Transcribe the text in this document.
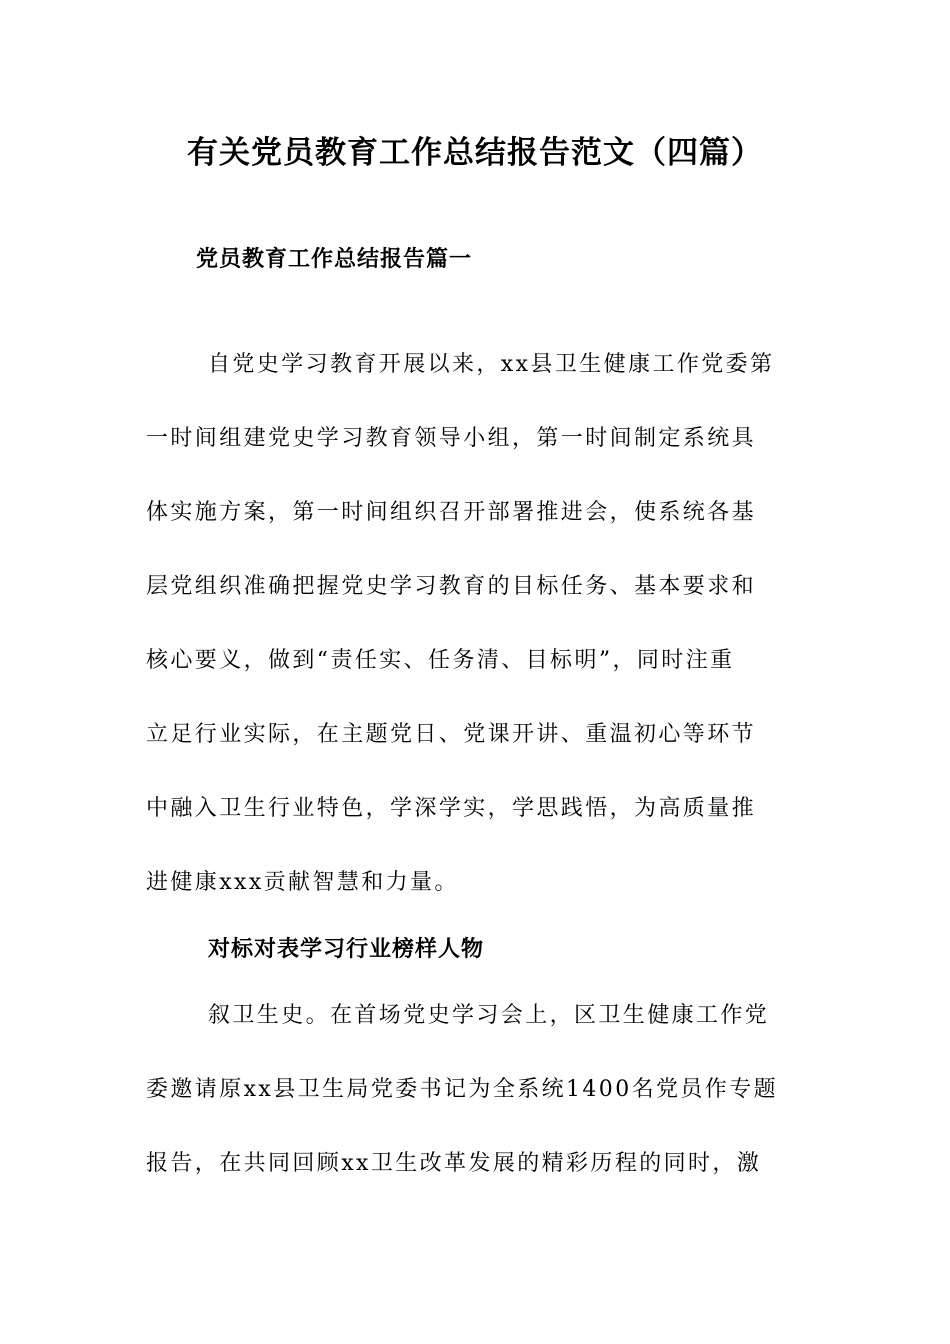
有关党员教育工作总结报告范文（四篇）
党员教育工作总结报告篇一
自党史学习教育开展以来，xx县卫生健康工作党委第
一时间组建党史学习教育领导小组，第一时间制定系统具
体实施方案，第一时间组织召开部署推进会，使系统各基
层党组织准确把握党史学习教育的目标任务、基本要求和
核心要义，做到“责任实、任务清、目标明”，同时注重
立足行业实际，在主题党日、党课开讲、重温初心等环节
中融入卫生行业特色，学深学实，学思践悟，为高质量推
进健康xxx贡献智慧和力量。
对标对表学习行业榜样人物
叙卫生史。在首场党史学习会上，区卫生健康工作党
委邀请原xx县卫生局党委书记为全系统1400名党员作专题
报告，在共同回顾xx卫生改革发展的精彩历程的同时，激
